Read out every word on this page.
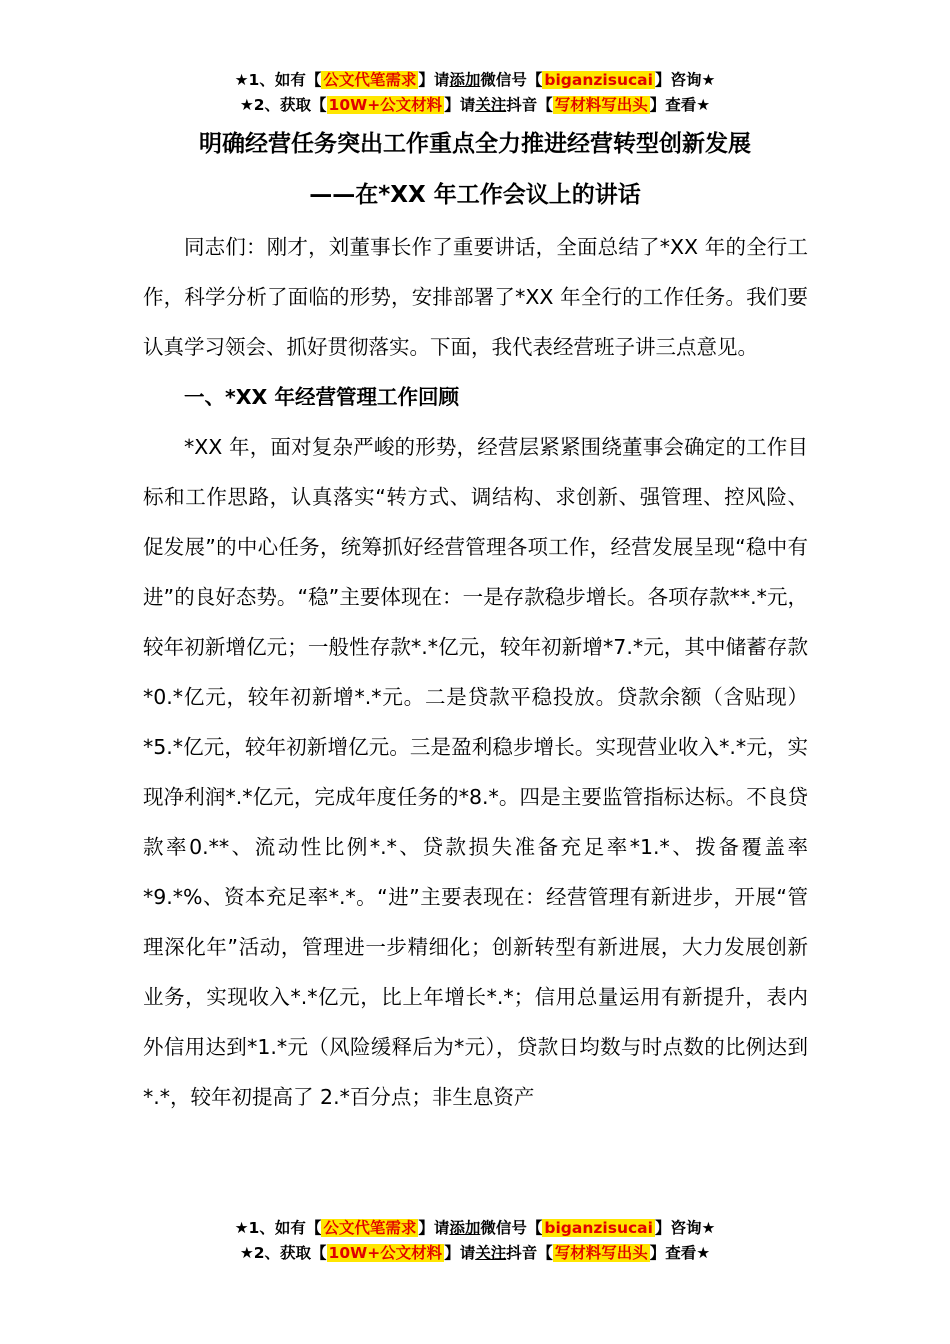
★1、如有【 公文代笔需求 】请添加微信号【 biganzisucai 】咨询★
★2、获取【 10W+公文材料 】请关注抖音【 写材料写出头 】查看★
明确经营任务突出工作重点全力推进经营转型创新发展
——在*XX 年工作会议上的讲话

同志们：刚才，刘董事长作了重要讲话，全面总结了*XX 年的全行工作，科学分析了面临的形势，安排部署了*XX 年全行的工作任务。我们要认真学习领会、抓好贯彻落实。下面，我代表经营班子讲三点意见。

一、*XX 年经营管理工作回顾

*XX 年，面对复杂严峻的形势，经营层紧紧围绕董事会确定的工作目标和工作思路，认真落实“转方式、调结构、求创新、强管理、控风险、促发展”的中心任务，统筹抓好经营管理各项工作，经营发展呈现“稳中有进”的良好态势。“稳”主要体现在：一是存款稳步增长。各项存款**.*元，较年初新增亿元；一般性存款*.*亿元，较年初新增*7.*元，其中储蓄存款*0.*亿元，较年初新增*.*元。二是贷款平稳投放。贷款余额（含贴现）*5.*亿元，较年初新增亿元。三是盈利稳步增长。实现营业收入*.*元，实现净利润*.*亿元，完成年度任务的*8.*。四是主要监管指标达标。不良贷款率0.**、流动性比例*.*、贷款损失准备充足率*1.*、拨备覆盖率*9.*%、资本充足率*.*。“进”主要表现在：经营管理有新进步，开展“管理深化年”活动，管理进一步精细化；创新转型有新进展，大力发展创新业务，实现收入*.*亿元，比上年增长*.*；信用总量运用有新提升，表内外信用达到*1.*元（风险缓释后为*元），贷款日均数与时点数的比例达到*.*，较年初提高了 2.*百分点；非生息资产

★1、如有【 公文代笔需求 】请添加微信号【 biganzisucai 】咨询★
★2、获取【 10W+公文材料 】请关注抖音【 写材料写出头 】查看★
